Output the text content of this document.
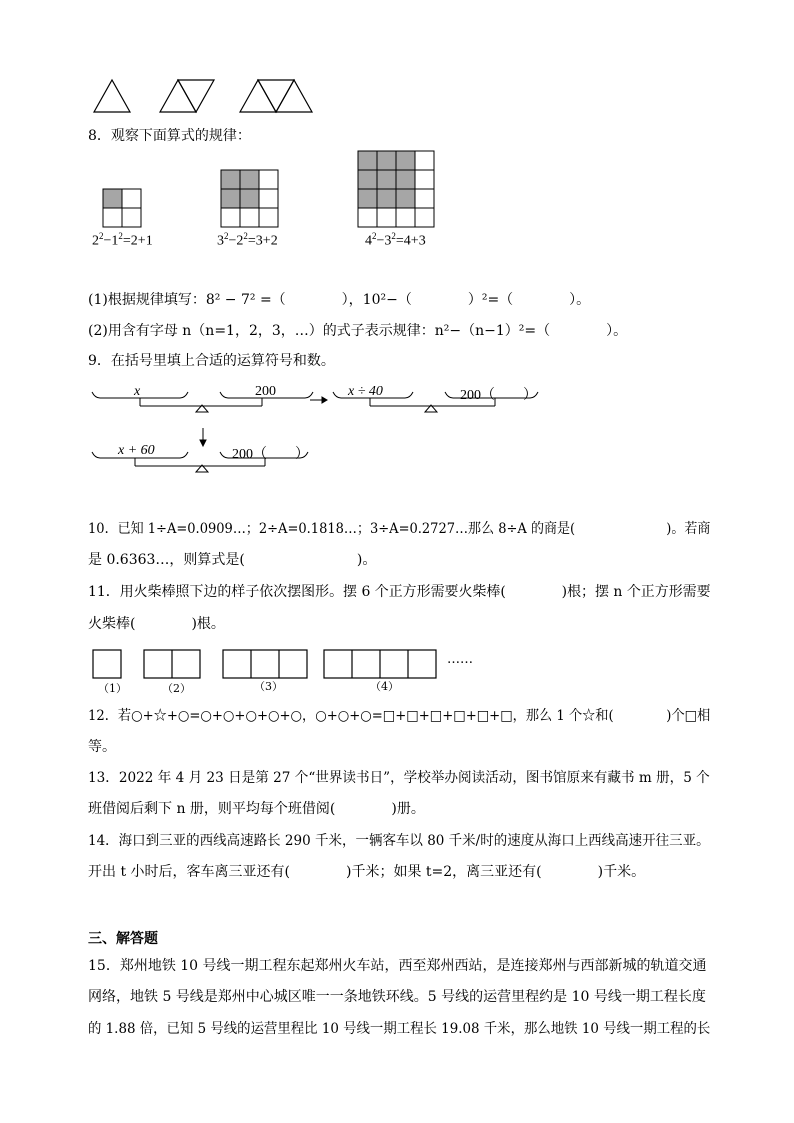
8．观察下面算式的规律：
$2^2-1^2=2+1$	$3^2-2^2=3+2$	$4^2-3^2=4+3$
(1)根据规律填写：8² − 7² =（　　　　），10²−（　　　　）²=（　　　　）。
(2)用含有字母 n（n=1，2，3，…）的式子表示规律：n²−（n−1）²=（　　　　）。
9．在括号里填上合适的运算符号和数。
x	200	x ÷ 40	200（　　）
x + 60	200（　　）
10．已知 1÷A=0.0909…；2÷A=0.1818…；3÷A=0.2727…那么 8÷A 的商是(　　　　　　　)。若商
是 0.6363…，则算式是(　　　　　　　　)。
11．用火柴棒照下边的样子依次摆图形。摆 6 个正方形需要火柴棒(　　　　)根；摆 n 个正方形需要
火柴棒(　　　　)根。
（1）	（2）	（3）	（4）
……
12．若○+☆+○=○+○+○+○+○，○+○+○=□+□+□+□+□+□，那么 1 个☆和(　　　　)个□相
等。
13．2022 年 4 月 23 日是第 27 个“世界读书日”，学校举办阅读活动，图书馆原来有藏书 m 册，5 个
班借阅后剩下 n 册，则平均每个班借阅(　　　　)册。
14．海口到三亚的西线高速路长 290 千米，一辆客车以 80 千米/时的速度从海口上西线高速开往三亚。
开出 t 小时后，客车离三亚还有(　　　　)千米；如果 t=2，离三亚还有(　　　　)千米。
三、解答题
15．郑州地铁 10 号线一期工程东起郑州火车站，西至郑州西站，是连接郑州与西部新城的轨道交通
网络，地铁 5 号线是郑州中心城区唯一一条地铁环线。5 号线的运营里程约是 10 号线一期工程长度
的 1.88 倍，已知 5 号线的运营里程比 10 号线一期工程长 19.08 千米，那么地铁 10 号线一期工程的长
